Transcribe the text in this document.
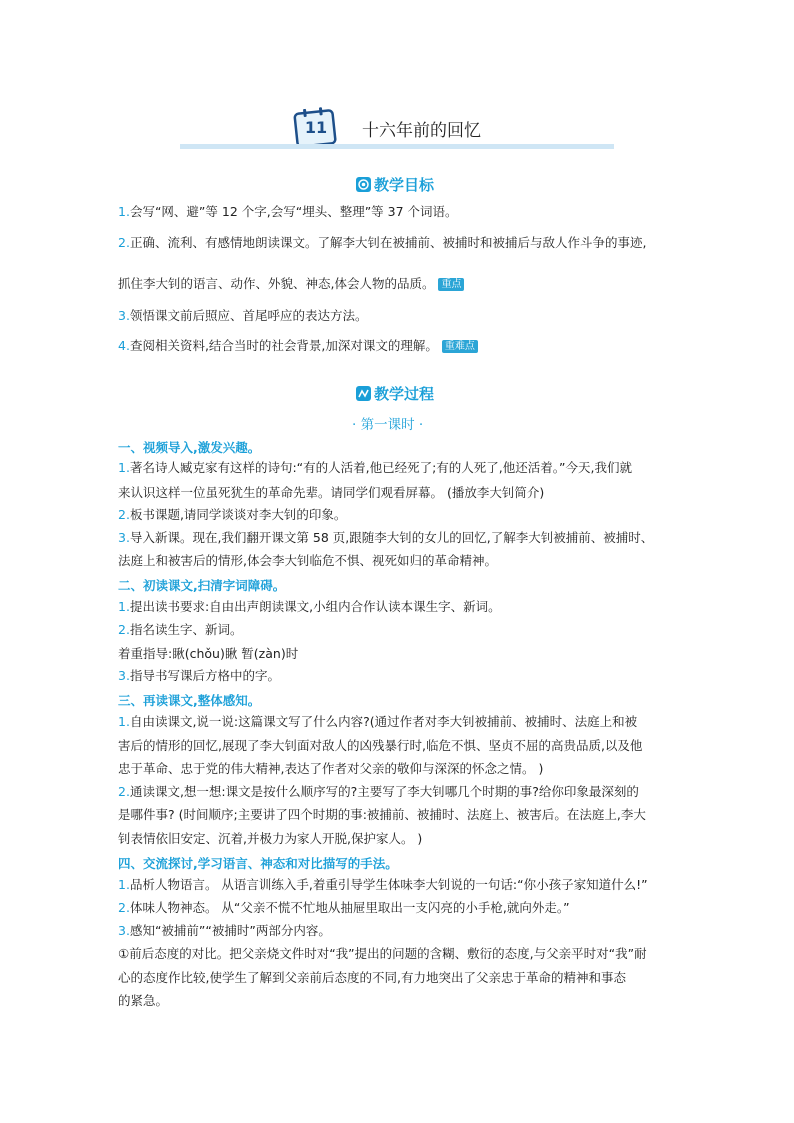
11 十六年前的回忆
教学目标
1.会写“网、避”等 12 个字,会写“埋头、整理”等 37 个词语。
2.正确、流利、有感情地朗读课文。了解李大钊在被捕前、被捕时和被捕后与敌人作斗争的事迹,
抓住李大钊的语言、动作、外貌、神态,体会人物的品质。 重点
3.领悟课文前后照应、首尾呼应的表达方法。
4.查阅相关资料,结合当时的社会背景,加深对课文的理解。 重难点
教学过程
· 第一课时 ·
一、视频导入,激发兴趣。
1.著名诗人臧克家有这样的诗句:“有的人活着,他已经死了;有的人死了,他还活着。”今天,我们就
来认识这样一位虽死犹生的革命先辈。请同学们观看屏幕。 (播放李大钊简介)
2.板书课题,请同学谈谈对李大钊的印象。
3.导入新课。现在,我们翻开课文第 58 页,跟随李大钊的女儿的回忆,了解李大钊被捕前、被捕时、
法庭上和被害后的情形,体会李大钊临危不惧、视死如归的革命精神。
二、初读课文,扫清字词障碍。
1.提出读书要求:自由出声朗读课文,小组内合作认读本课生字、新词。
2.指名读生字、新词。
着重指导:瞅(chǒu)瞅 暂(zàn)时
3.指导书写课后方格中的字。
三、再读课文,整体感知。
1.自由读课文,说一说:这篇课文写了什么内容?(通过作者对李大钊被捕前、被捕时、法庭上和被
害后的情形的回忆,展现了李大钊面对敌人的凶残暴行时,临危不惧、坚贞不屈的高贵品质,以及他
忠于革命、忠于党的伟大精神,表达了作者对父亲的敬仰与深深的怀念之情。 )
2.通读课文,想一想:课文是按什么顺序写的?主要写了李大钊哪几个时期的事?给你印象最深刻的
是哪件事? (时间顺序;主要讲了四个时期的事:被捕前、被捕时、法庭上、被害后。在法庭上,李大
钊表情依旧安定、沉着,并极力为家人开脱,保护家人。 )
四、交流探讨,学习语言、神态和对比描写的手法。
1.品析人物语言。 从语言训练入手,着重引导学生体味李大钊说的一句话:“你小孩子家知道什么!”
2.体味人物神态。 从“父亲不慌不忙地从抽屉里取出一支闪亮的小手枪,就向外走。”
3.感知“被捕前”“被捕时”两部分内容。
①前后态度的对比。把父亲烧文件时对“我”提出的问题的含糊、敷衍的态度,与父亲平时对“我”耐
心的态度作比较,使学生了解到父亲前后态度的不同,有力地突出了父亲忠于革命的精神和事态
的紧急。
